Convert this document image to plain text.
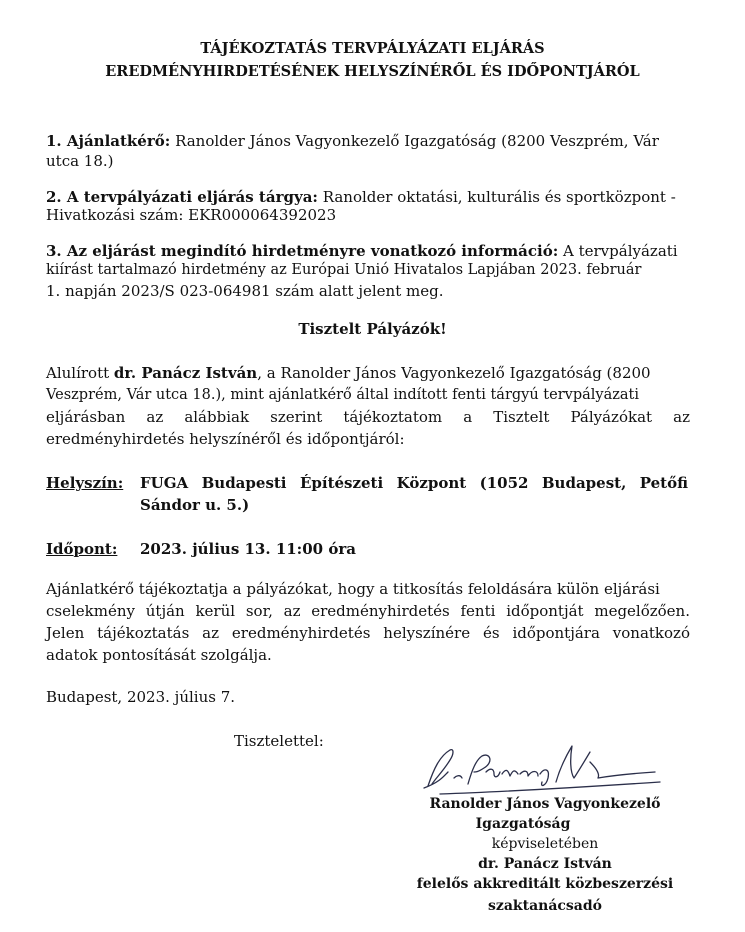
TÁJÉKOZTATÁS TERVPÁLYÁZATI ELJÁRÁS
EREDMÉNYHIRDETÉSÉNEK HELYSZÍNÉRŐL ÉS IDŐPONTJÁRÓL
1. Ajánlatkérő: Ranolder János Vagyonkezelő Igazgatóság (8200 Veszprém, Vár
utca 18.)
2. A tervpályázati eljárás tárgya: Ranolder oktatási, kulturális és sportközpont -
Hivatkozási szám: EKR000064392023
3. Az eljárást megindító hirdetményre vonatkozó információ: A tervpályázati
kiírást tartalmazó hirdetmény az Európai Unió Hivatalos Lapjában 2023. február
1. napján 2023/S 023-064981 szám alatt jelent meg.
Tisztelt Pályázók!
Alulírott dr. Panácz István, a Ranolder János Vagyonkezelő Igazgatóság (8200
Veszprém, Vár utca 18.), mint ajánlatkérő által indított fenti tárgyú tervpályázati
eljárásban az alábbiak szerint tájékoztatom a Tisztelt Pályázókat az
eredményhirdetés helyszínéről és időpontjáról:
Helyszín: FUGA Budapesti Építészeti Központ (1052 Budapest, Petőfi
Sándor u. 5.)
Időpont: 2023. július 13. 11:00 óra
Ajánlatkérő tájékoztatja a pályázókat, hogy a titkosítás feloldására külön eljárási
cselekmény útján kerül sor, az eredményhirdetés fenti időpontját megelőzően.
Jelen tájékoztatás az eredményhirdetés helyszínére és időpontjára vonatkozó
adatok pontosítását szolgálja.
Budapest, 2023. július 7.
Tisztelettel:
Ranolder János Vagyonkezelő
Igazgatóság
képviseletében
dr. Panácz István
felelős akkreditált közbeszerzési
szaktanácsadó
